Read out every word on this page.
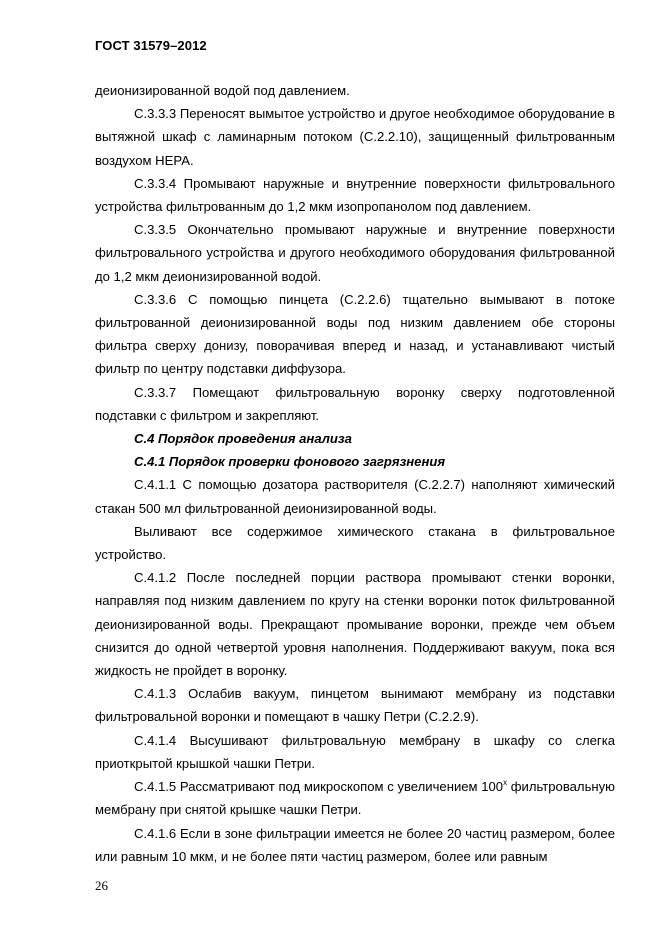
ГОСТ 31579–2012

деионизированной водой под давлением.

С.3.3.3 Переносят вымытое устройство и другое необходимое оборудование в вытяжной шкаф с ламинарным потоком (С.2.2.10), защищенный фильтрованным воздухом НЕРА.

С.3.3.4 Промывают наружные и внутренние поверхности фильтровального устройства фильтрованным до 1,2 мкм изопропанолом под давлением.

С.3.3.5 Окончательно промывают наружные и внутренние поверхности фильтровального устройства и другого необходимого оборудования фильтрованной до 1,2 мкм деионизированной водой.

С.3.3.6 С помощью пинцета (С.2.2.6) тщательно вымывают в потоке фильтрованной деионизированной воды под низким давлением обе стороны фильтра сверху донизу, поворачивая вперед и назад, и устанавливают чистый фильтр по центру подставки диффузора.

С.3.3.7 Помещают фильтровальную воронку сверху подготовленной подставки с фильтром и закрепляют.

С.4 Порядок проведения анализа

С.4.1 Порядок проверки фонового загрязнения

С.4.1.1 С помощью дозатора растворителя (С.2.2.7) наполняют химический стакан 500 мл фильтрованной деионизированной воды.

Выливают все содержимое химического стакана в фильтровальное устройство.

С.4.1.2 После последней порции раствора промывают стенки воронки, направляя под низким давлением по кругу на стенки воронки поток фильтрованной деионизированной воды. Прекращают промывание воронки, прежде чем объем снизится до одной четвертой уровня наполнения. Поддерживают вакуум, пока вся жидкость не пройдет в воронку.

С.4.1.3 Ослабив вакуум, пинцетом вынимают мембрану из подставки фильтровальной воронки и помещают в чашку Петри (С.2.2.9).

С.4.1.4 Высушивают фильтровальную мембрану в шкафу со слегка приоткрытой крышкой чашки Петри.

С.4.1.5 Рассматривают под микроскопом с увеличением $100^х$ фильтровальную мембрану при снятой крышке чашки Петри.

С.4.1.6 Если в зоне фильтрации имеется не более 20 частиц размером, более или равным 10 мкм, и не более пяти частиц размером, более или равным

26
